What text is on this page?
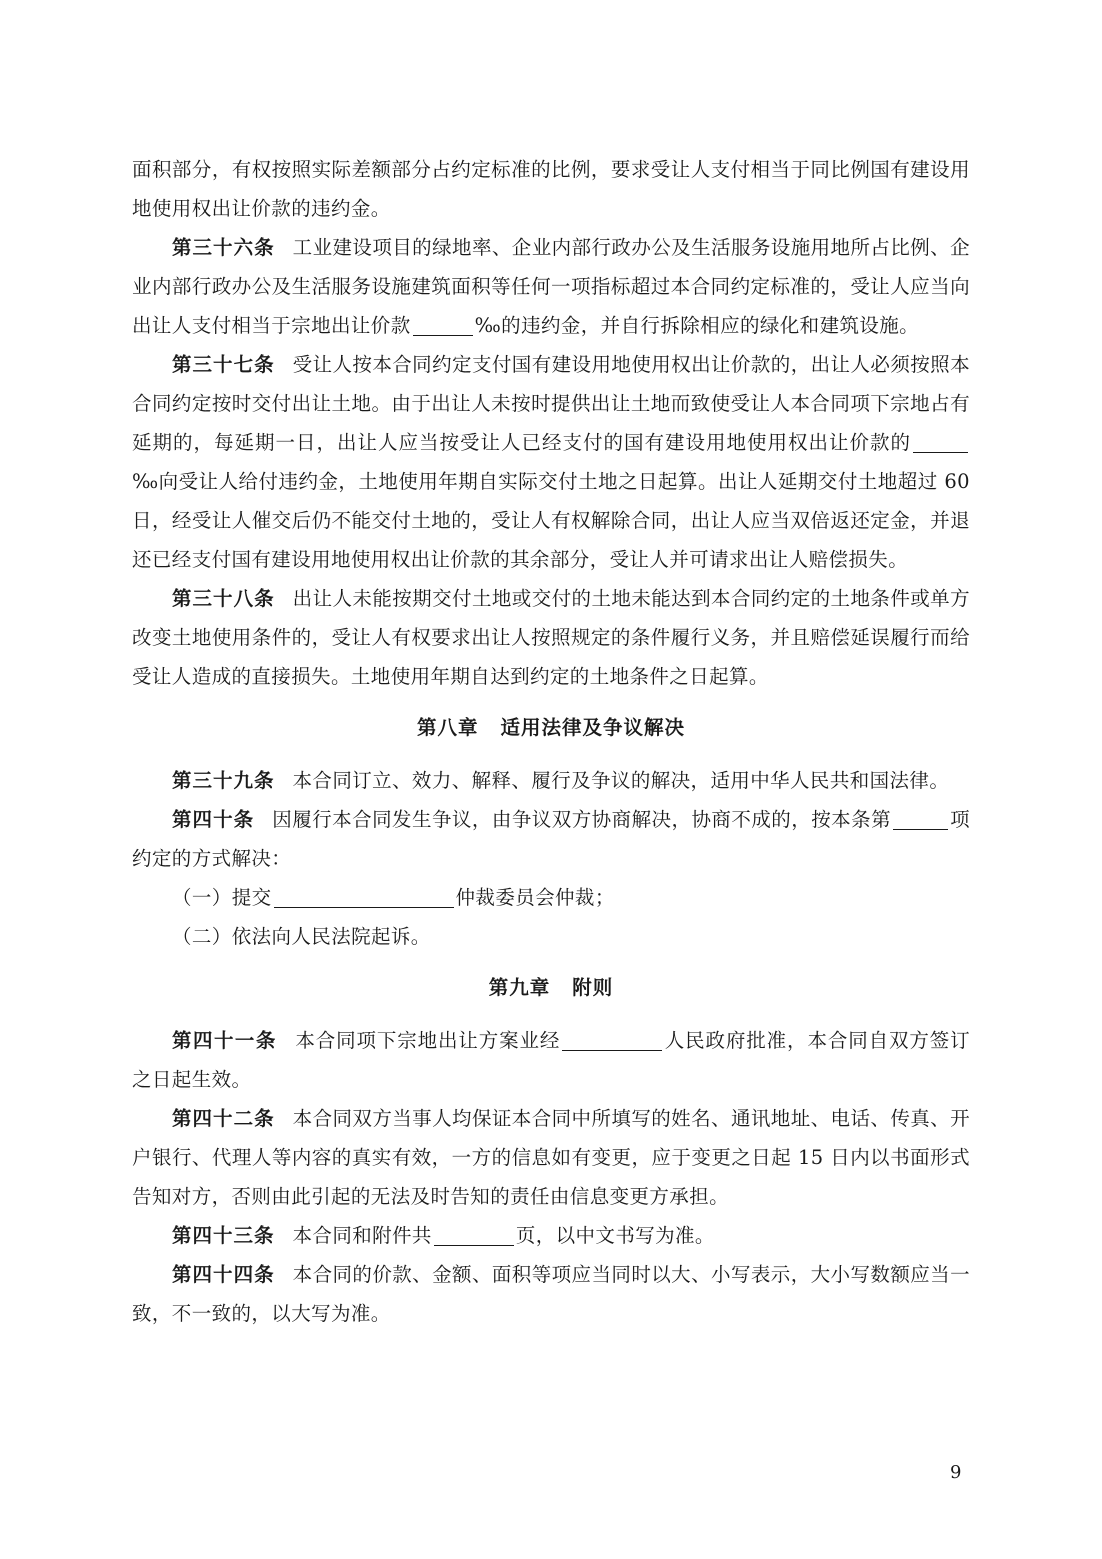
面积部分，有权按照实际差额部分占约定标准的比例，要求受让人支付相当于同比例国有建设用地使用权出让价款的违约金。

第三十六条 工业建设项目的绿地率、企业内部行政办公及生活服务设施用地所占比例、企业内部行政办公及生活服务设施建筑面积等任何一项指标超过本合同约定标准的，受让人应当向出让人支付相当于宗地出让价款	‰的违约金，并自行拆除相应的绿化和建筑设施。

第三十七条 受让人按本合同约定支付国有建设用地使用权出让价款的，出让人必须按照本合同约定按时交付出让土地。由于出让人未按时提供出让土地而致使受让人本合同项下宗地占有延期的，每延期一日，出让人应当按受让人已经支付的国有建设用地使用权出让价款的‰向受让人给付违约金，土地使用年期自实际交付土地之日起算。出让人延期交付土地超过 60 日，经受让人催交后仍不能交付土地的，受让人有权解除合同，出让人应当双倍返还定金，并退还已经支付国有建设用地使用权出让价款的其余部分，受让人并可请求出让人赔偿损失。

第三十八条 出让人未能按期交付土地或交付的土地未能达到本合同约定的土地条件或单方改变土地使用条件的，受让人有权要求出让人按照规定的条件履行义务，并且赔偿延误履行而给受让人造成的直接损失。土地使用年期自达到约定的土地条件之日起算。

第八章 适用法律及争议解决

第三十九条 本合同订立、效力、解释、履行及争议的解决，适用中华人民共和国法律。

第四十条 因履行本合同发生争议，由争议双方协商解决，协商不成的，按本条第	项约定的方式解决：

（一）提交	仲裁委员会仲裁；

（二）依法向人民法院起诉。

第九章 附则

第四十一条 本合同项下宗地出让方案业经	人民政府批准，本合同自双方签订之日起生效。

第四十二条 本合同双方当事人均保证本合同中所填写的姓名、通讯地址、电话、传真、开户银行、代理人等内容的真实有效，一方的信息如有变更，应于变更之日起 15 日内以书面形式告知对方，否则由此引起的无法及时告知的责任由信息变更方承担。

第四十三条 本合同和附件共	页，以中文书写为准。

第四十四条 本合同的价款、金额、面积等项应当同时以大、小写表示，大小写数额应当一致，不一致的，以大写为准。

9
